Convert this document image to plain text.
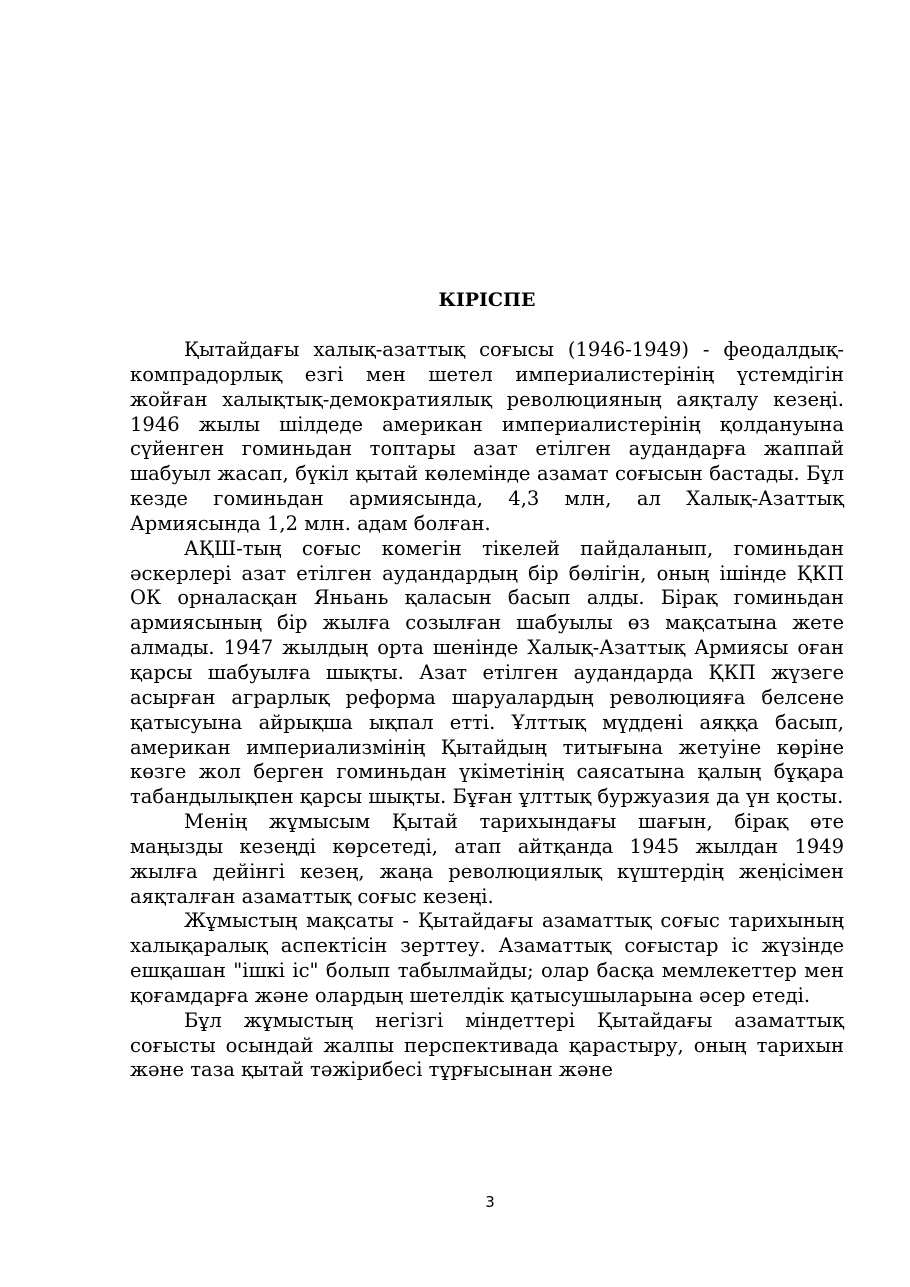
КІРІСПЕ

Қытайдағы халық-азаттық соғысы (1946-1949) - феодалдық- компрадорлық езгі мен шетел империалистерінің үстемдігін жойған халықтық-демократиялық революцияның аяқталу кезеңі. 1946 жылы шілдеде американ империалистерінің қолдануына сүйенген гоминьдан топтары азат етілген аудандарға жаппай шабуыл жасап, бүкіл қытай көлемінде азамат соғысын бастады. Бұл кезде гоминьдан армиясында, 4,3 млн, ал Халық-Азаттық Армиясында 1,2 млн. адам болған.

АҚШ-тың соғыс комегін тікелей пайдаланып, гоминьдан әскерлері азат етілген аудандардың бір бөлігін, оның ішінде ҚКП ОК орналасқан Яньань қаласын басып алды. Бірақ гоминьдан армиясының бір жылға созылған шабуылы өз мақсатына жете алмады. 1947 жылдың орта шенінде Халық-Азаттық Армиясы оған қарсы шабуылға шықты. Азат етілген аудандарда ҚКП жүзеге асырған аграрлық реформа шаруалардың революцияға белсене қатысуына айрықша ықпал етті. Ұлттық мүддені аяққа басып, американ империализмінің Қытайдың титығына жетуіне көріне көзге жол берген гоминьдан үкіметінің саясатына қалың бұқара табандылықпен қарсы шықты. Бұған ұлттық буржуазия да үн қосты.

Менің жұмысым Қытай тарихындағы шағын, бірақ өте маңызды кезеңді көрсетеді, атап айтқанда 1945 жылдан 1949 жылға дейінгі кезең, жаңа революциялық күштердің жеңісімен аяқталған азаматтық соғыс кезеңі.

Жұмыстың мақсаты - Қытайдағы азаматтық соғыс тарихының халықаралық аспектісін зерттеу. Азаматтық соғыстар іс жүзінде ешқашан "ішкі іс" болып табылмайды; олар басқа мемлекеттер мен қоғамдарға және олардың шетелдік қатысушыларына әсер етеді.

Бұл жұмыстың негізгі міндеттері Қытайдағы азаматтық соғысты осындай жалпы перспективада қарастыру, оның тарихын және таза қытай тәжірибесі тұрғысынан және

3
